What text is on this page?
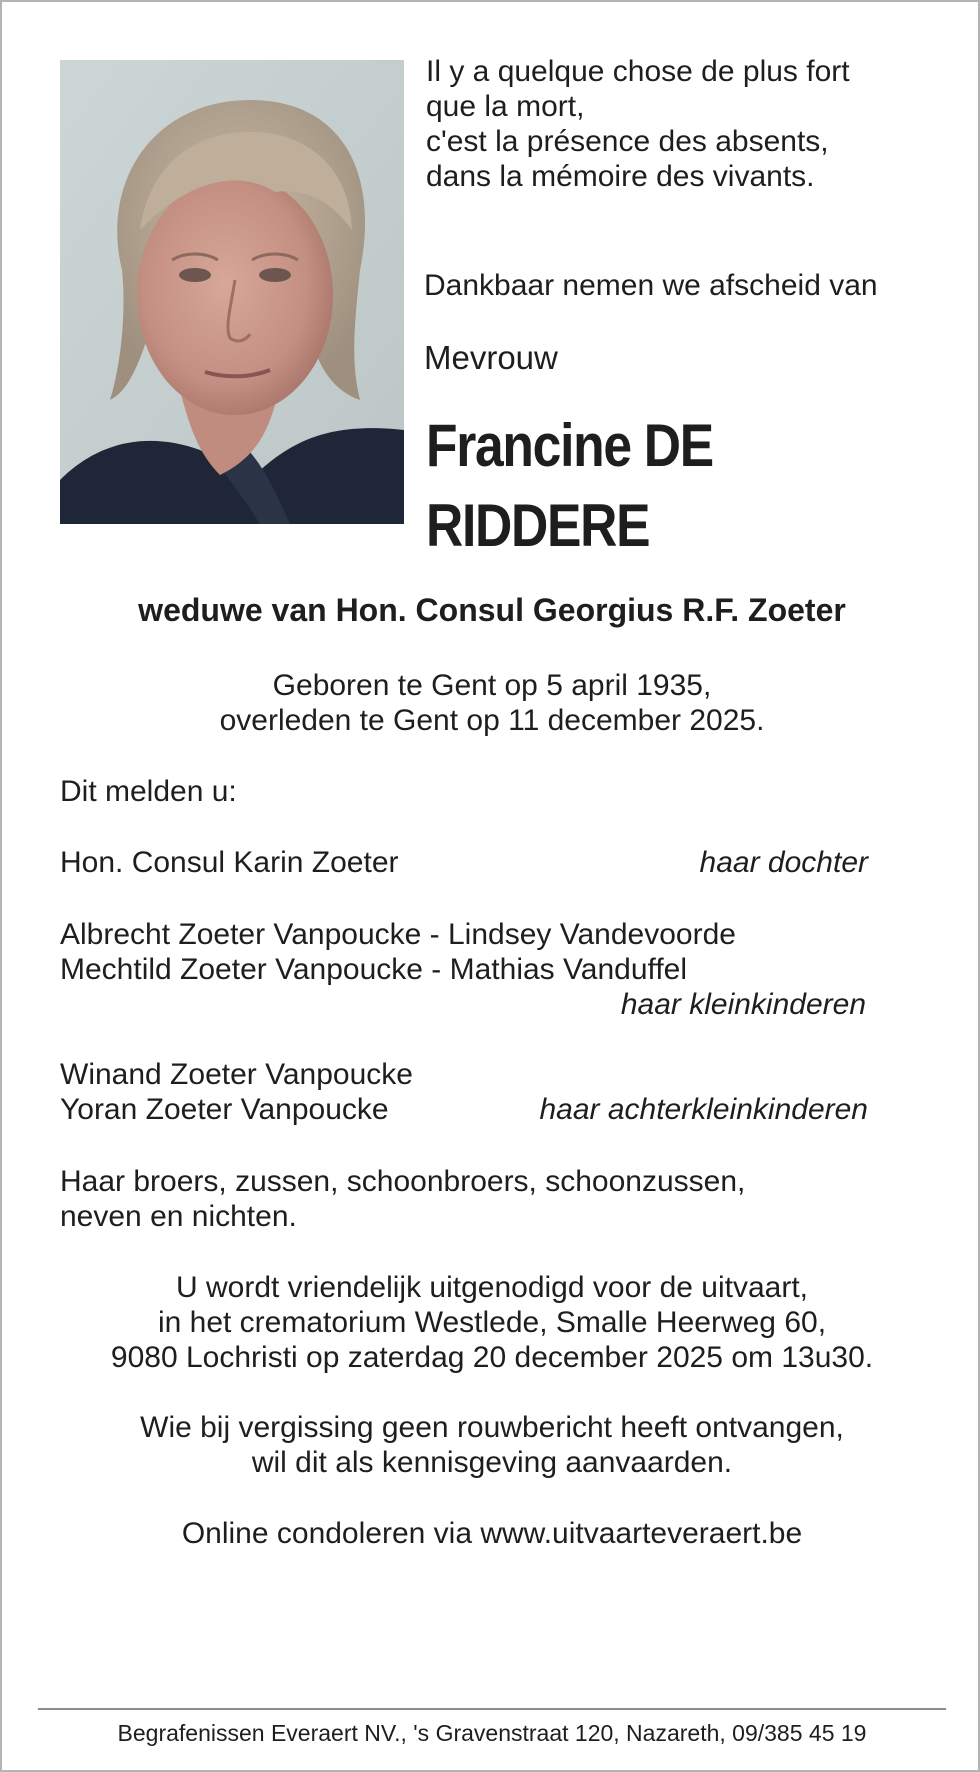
Il y a quelque chose de plus fort
que la mort,
c'est la présence des absents,
dans la mémoire des vivants.
Dankbaar nemen we afscheid van
Mevrouw
Francine DE
RIDDERE
weduwe van Hon. Consul Georgius R.F. Zoeter
Geboren te Gent op 5 april 1935,
overleden te Gent op 11 december 2025.
Dit melden u:
Hon. Consul Karin Zoeter	haar dochter
Albrecht Zoeter Vanpoucke - Lindsey Vandevoorde
Mechtild Zoeter Vanpoucke - Mathias Vanduffel
haar kleinkinderen
Winand Zoeter Vanpoucke
Yoran Zoeter Vanpoucke	haar achterkleinkinderen
Haar broers, zussen, schoonbroers, schoonzussen,
neven en nichten.
U wordt vriendelijk uitgenodigd voor de uitvaart,
in het crematorium Westlede, Smalle Heerweg 60,
9080 Lochristi op zaterdag 20 december 2025 om 13u30.
Wie bij vergissing geen rouwbericht heeft ontvangen,
wil dit als kennisgeving aanvaarden.
Online condoleren via www.uitvaarteveraert.be
Begrafenissen Everaert NV., 's Gravenstraat 120, Nazareth, 09/385 45 19
